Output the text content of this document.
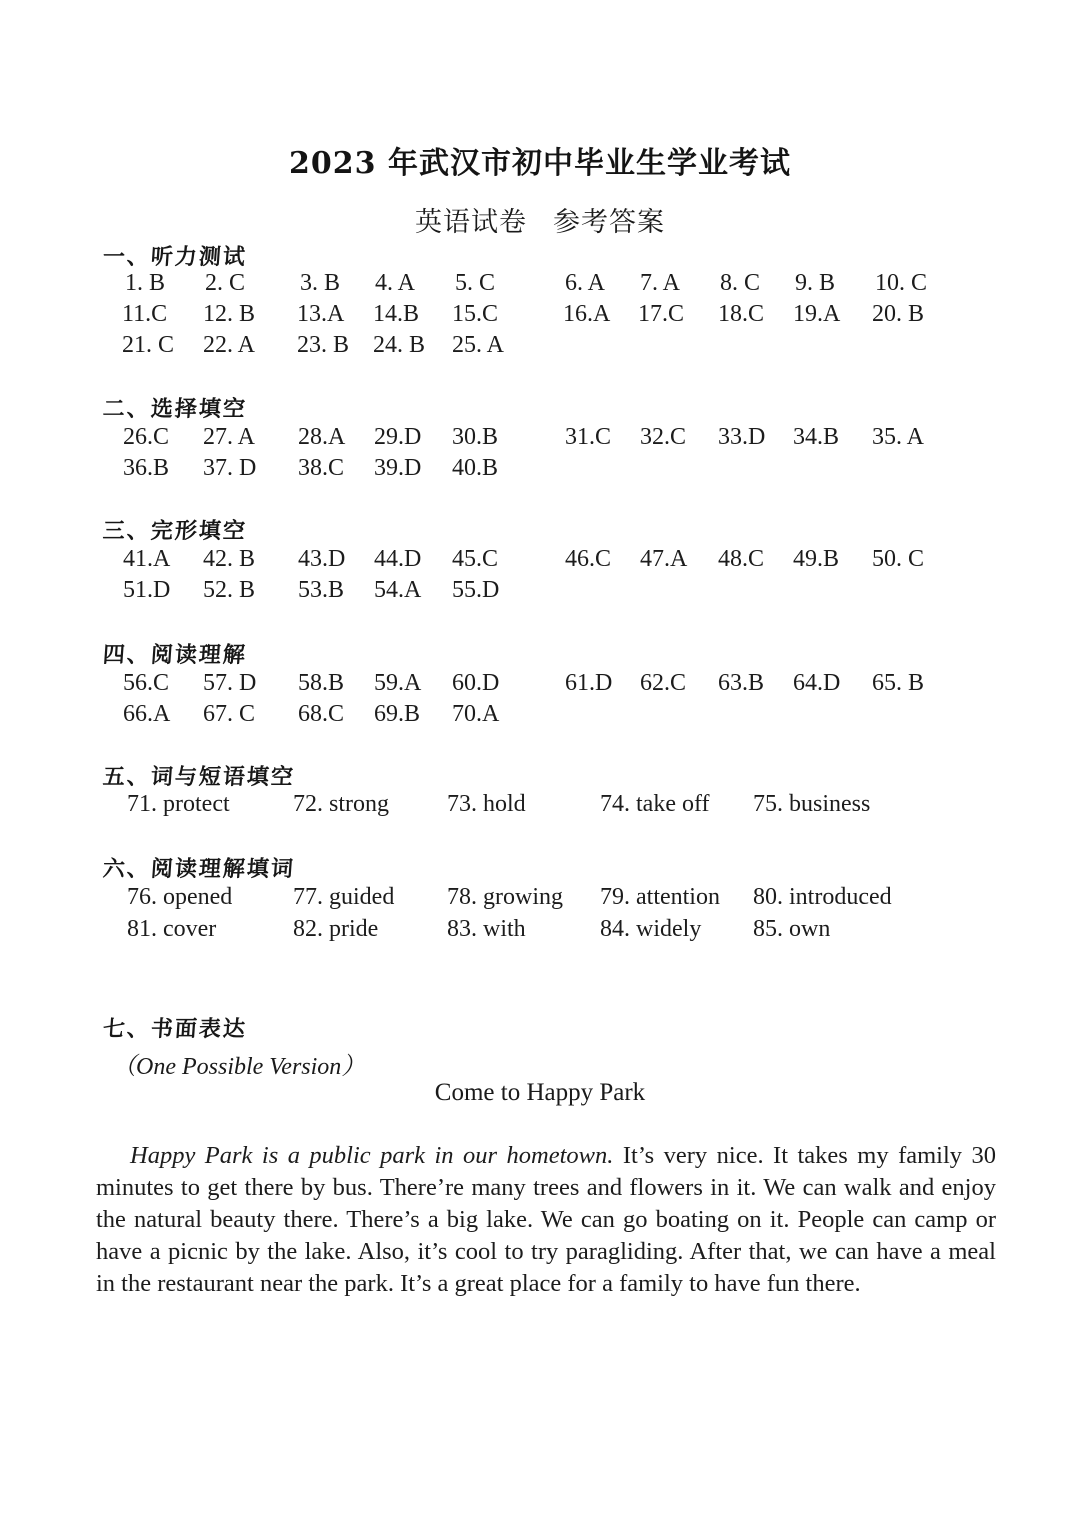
2023 年武汉市初中毕业生学业考试
英语试卷 参考答案
一、听力测试
二、选择填空
三、完形填空
四、阅读理解
五、词与短语填空
六、阅读理解填词
七、书面表达
1. B 2. C 3. B 4. A 5. C	6. A 7. A 8. C 9. B 10. C
11.C 12. B 13.A 14.B 15.C	16.A 17.C 18.C 19.A 20. B
21. C 22. A 23. B 24. B 25. A
26.C 27. A 28.A 29.D 30.B	31.C 32.C 33.D 34.B 35. A
36.B 37. D 38.C 39.D 40.B
41.A 42. B 43.D 44.D 45.C	46.C 47.A 48.C 49.B 50. C
51.D 52. B 53.B 54.A 55.D
56.C 57. D 58.B 59.A 60.D	61.D 62.C 63.B 64.D 65. B
66.A 67. C 68.C 69.B 70.A
71. protect	72. strong 73. hold	74. take off 75. business
76. opened	77. guided 78. growing 79. attention 80. introduced
81. cover	82. pride	83. with	84. widely 85. own
（One Possible Version）
Come to Happy Park
Happy Park is a public park in our hometown. It’s very nice. It takes my family 30 minutes to get there by bus. There’re many trees and flowers in it. We can walk and enjoy the natural beauty there. There’s a big lake. We can go boating on it. People can camp or have a picnic by the lake. Also, it’s cool to try paragliding. After that, we can have a meal in the restaurant near the park. It’s a great place for a family to have fun there.
